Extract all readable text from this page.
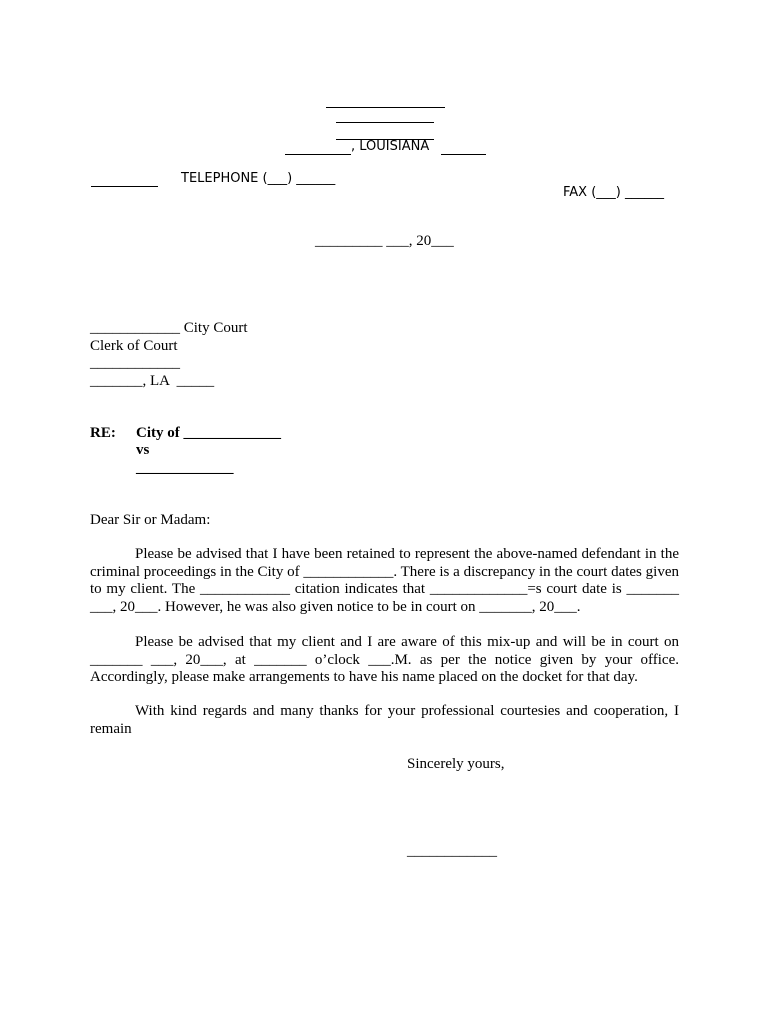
, LOUISIANA
TELEPHONE (___) ______
FAX (___) ______
_________ ___, 20___
____________ City Court
Clerk of Court
____________
_______, LA  _____
RE: City of _____________
vs
_____________
Dear Sir or Madam:

Please be advised that I have been retained to represent the above-named defendant in the criminal proceedings in the City of ____________. There is a discrepancy in the court dates given to my client. The ____________ citation indicates that _____________=s court date is _______ ___, 20___. However, he was also given notice to be in court on _______, 20___.

Please be advised that my client and I are aware of this mix-up and will be in court on _______ ___, 20___, at _______ o’clock ___.M. as per the notice given by your office. Accordingly, please make arrangements to have his name placed on the docket for that day.

With kind regards and many thanks for your professional courtesies and cooperation, I remain

Sincerely yours,
____________
